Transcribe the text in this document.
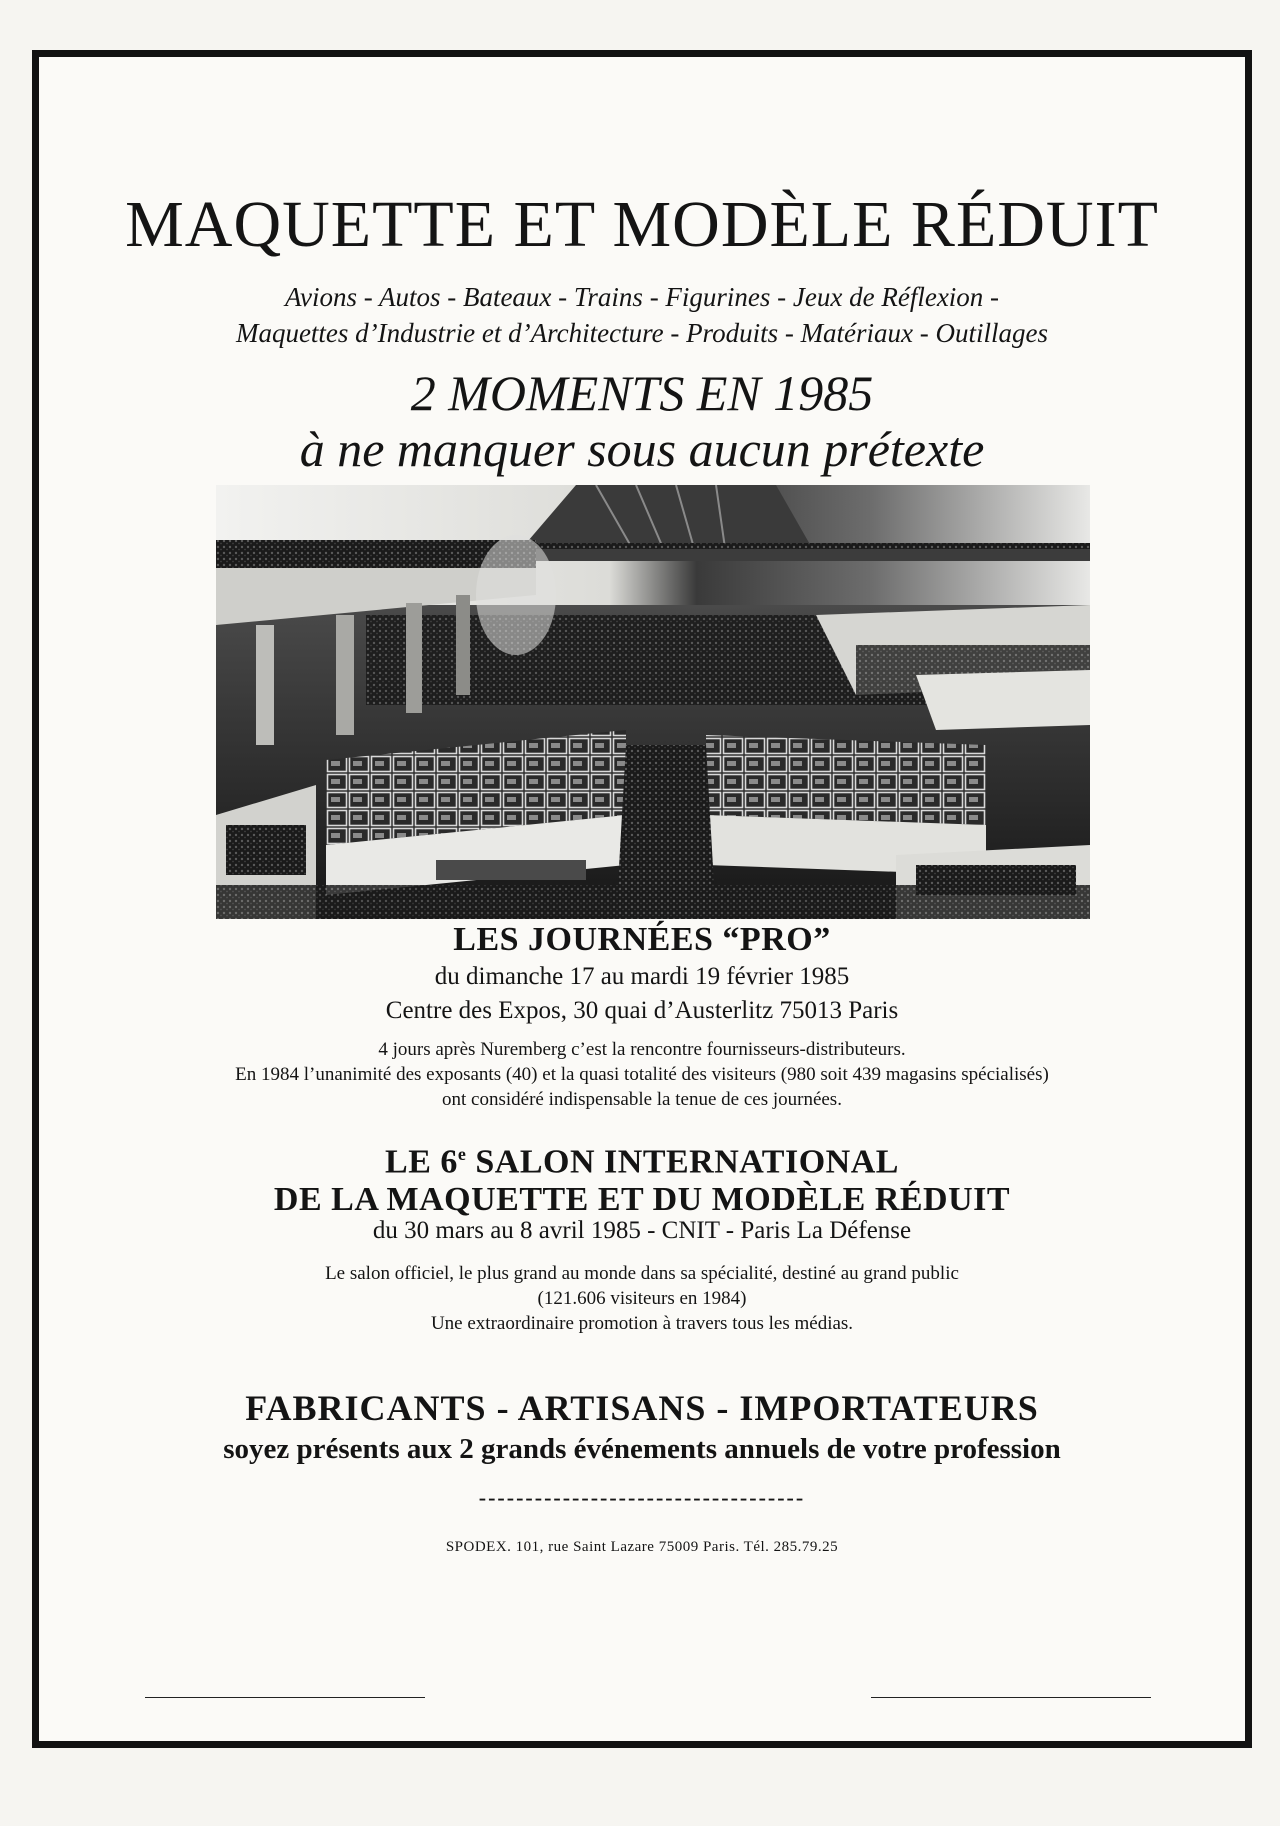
MAQUETTE ET MODÈLE RÉDUIT
Avions - Autos - Bateaux - Trains - Figurines - Jeux de Réflexion -
Maquettes d’Industrie et d’Architecture - Produits - Matériaux - Outillages
2 MOMENTS EN 1985
à ne manquer sous aucun prétexte
LES JOURNÉES “PRO”
du dimanche 17 au mardi 19 février 1985
Centre des Expos, 30 quai d’Austerlitz 75013 Paris
4 jours après Nuremberg c’est la rencontre fournisseurs-distributeurs.
En 1984 l’unanimité des exposants (40) et la quasi totalité des visiteurs (980 soit 439 magasins spécialisés)
ont considéré indispensable la tenue de ces journées.
LE 6e SALON INTERNATIONAL
DE LA MAQUETTE ET DU MODÈLE RÉDUIT
du 30 mars au 8 avril 1985 - CNIT - Paris La Défense
Le salon officiel, le plus grand au monde dans sa spécialité, destiné au grand public
(121.606 visiteurs en 1984)
Une extraordinaire promotion à travers tous les médias.
FABRICANTS - ARTISANS - IMPORTATEURS
soyez présents aux 2 grands événements annuels de votre profession
-----------------------------------
SPODEX. 101, rue Saint Lazare 75009 Paris. Tél. 285.79.25
